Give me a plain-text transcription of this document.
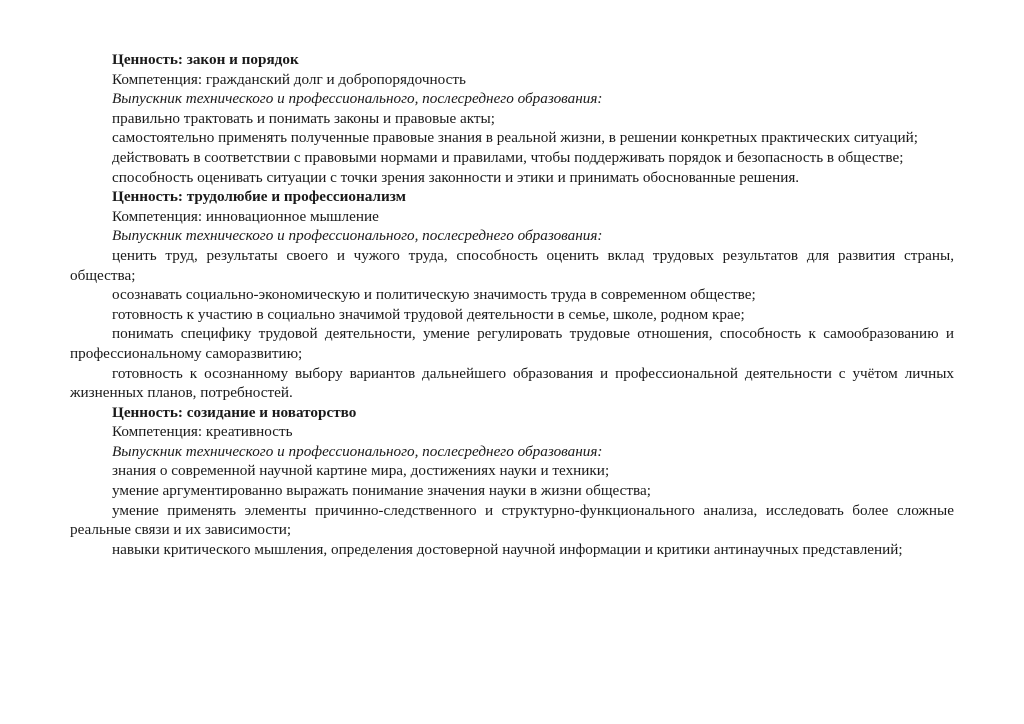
Ценность: закон и порядок

Компетенция: гражданский долг и добропорядочность

Выпускник технического и профессионального, послесреднего образования:

правильно трактовать и понимать законы и правовые акты;

самостоятельно применять полученные правовые знания в реальной жизни, в решении конкретных практических ситуаций;

действовать в соответствии с правовыми нормами и правилами, чтобы поддерживать порядок и безопасность в обществе;

способность оценивать ситуации с точки зрения законности и этики и принимать обоснованные решения.

Ценность: трудолюбие и профессионализм

Компетенция: инновационное мышление

Выпускник технического и профессионального, послесреднего образования:

ценить труд, результаты своего и чужого труда, способность оценить вклад трудовых результатов для развития страны, общества;

осознавать социально-экономическую и политическую значимость труда в современном обществе;

готовность к участию в социально значимой трудовой деятельности в семье, школе, родном крае;

понимать специфику трудовой деятельности, умение регулировать трудовые отношения, способность к самообразованию и профессиональному саморазвитию;

готовность к осознанному выбору вариантов дальнейшего образования и профессиональной деятельности с учётом личных жизненных планов, потребностей.

Ценность: созидание и новаторство

Компетенция: креативность

Выпускник технического и профессионального, послесреднего образования:

знания о современной научной картине мира, достижениях науки и техники;

умение аргументированно выражать понимание значения науки в жизни общества;

умение применять элементы причинно-следственного и структурно-функционального анализа, исследовать более сложные реальные связи и их зависимости;

навыки критического мышления, определения достоверной научной информации и критики антинаучных представлений;
